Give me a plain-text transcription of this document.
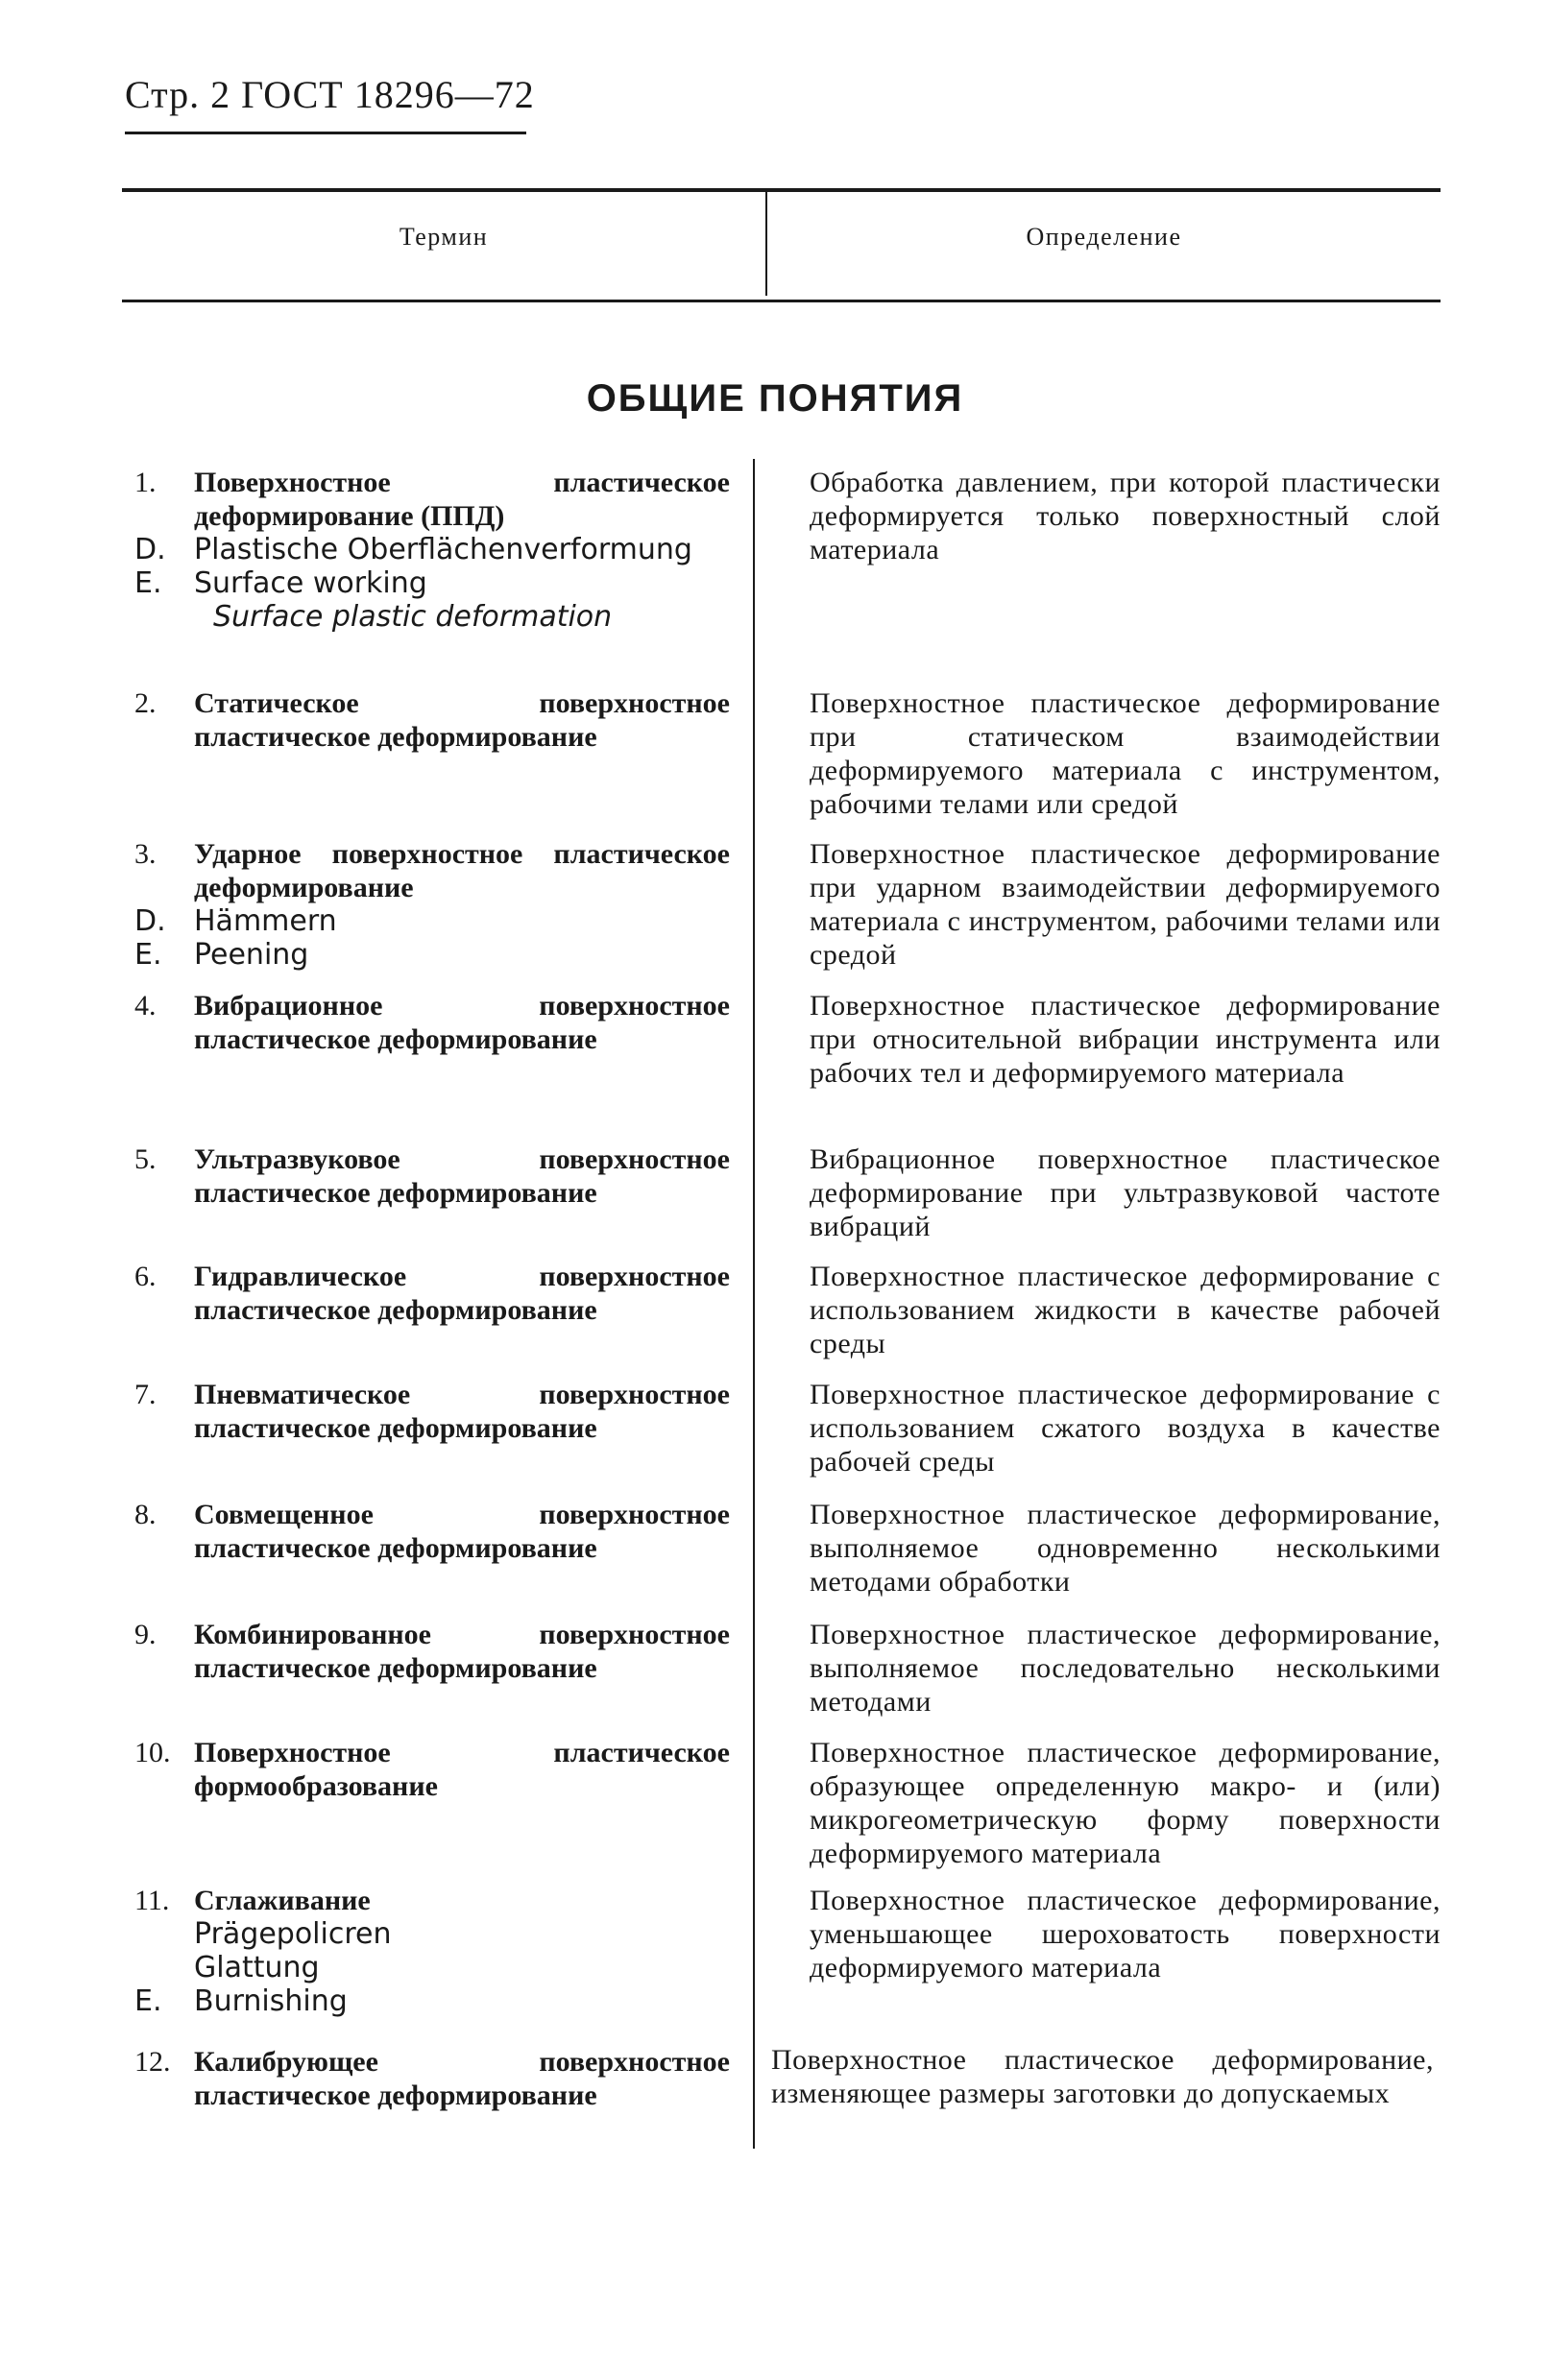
Стр. 2 ГОСТ 18296—72
Термин	Определение
ОБЩИЕ ПОНЯТИЯ
1.	Поверхностное пластическое деформирование (ППД)
D. Plastische Oberflächenverformung
E. Surface working
Surface plastic deformation
Обработка давлением, при которой пластически деформируется только поверхностный слой материала
2.	Статическое поверхностное пластическое деформирование
Поверхностное пластическое деформирование при статическом взаимодействии деформируемого материала с инструментом, рабочими телами или средой
3.	Ударное поверхностное пластическое деформирование
D. Hämmern
E. Peening
Поверхностное пластическое деформирование при ударном взаимодействии деформируемого материала с инструментом, рабочими телами или средой
4.	Вибрационное поверхностное пластическое деформирование
Поверхностное пластическое деформирование при относительной вибрации инструмента или рабочих тел и деформируемого материала
5.	Ультразвуковое поверхностное пластическое деформирование
Вибрационное поверхностное пластическое деформирование при ультразвуковой частоте вибраций
6.	Гидравлическое поверхностное пластическое деформирование
Поверхностное пластическое деформирование с использованием жидкости в качестве рабочей среды
7.	Пневматическое поверхностное пластическое деформирование
Поверхностное пластическое деформирование с использованием сжатого воздуха в качестве рабочей среды
8.	Совмещенное поверхностное пластическое деформирование
Поверхностное пластическое деформирование, выполняемое одновременно несколькими методами обработки
9.	Комбинированное поверхностное пластическое деформирование
Поверхностное пластическое деформирование, выполняемое последовательно несколькими методами
10. Поверхностное пластическое формообразование
Поверхностное пластическое деформирование, образующее определенную макро- и (или) микрогеометрическую форму поверхности деформируемого материала
11. Сглаживание
Prägepolicren
Glattung
E. Burnishing
Поверхностное пластическое деформирование, уменьшающее шероховатость поверхности деформируемого материала
12. Калибрующее поверхностное пластическое деформирование
Поверхностное пластическое деформирование, изменяющее размеры заготовки до допускаемых
